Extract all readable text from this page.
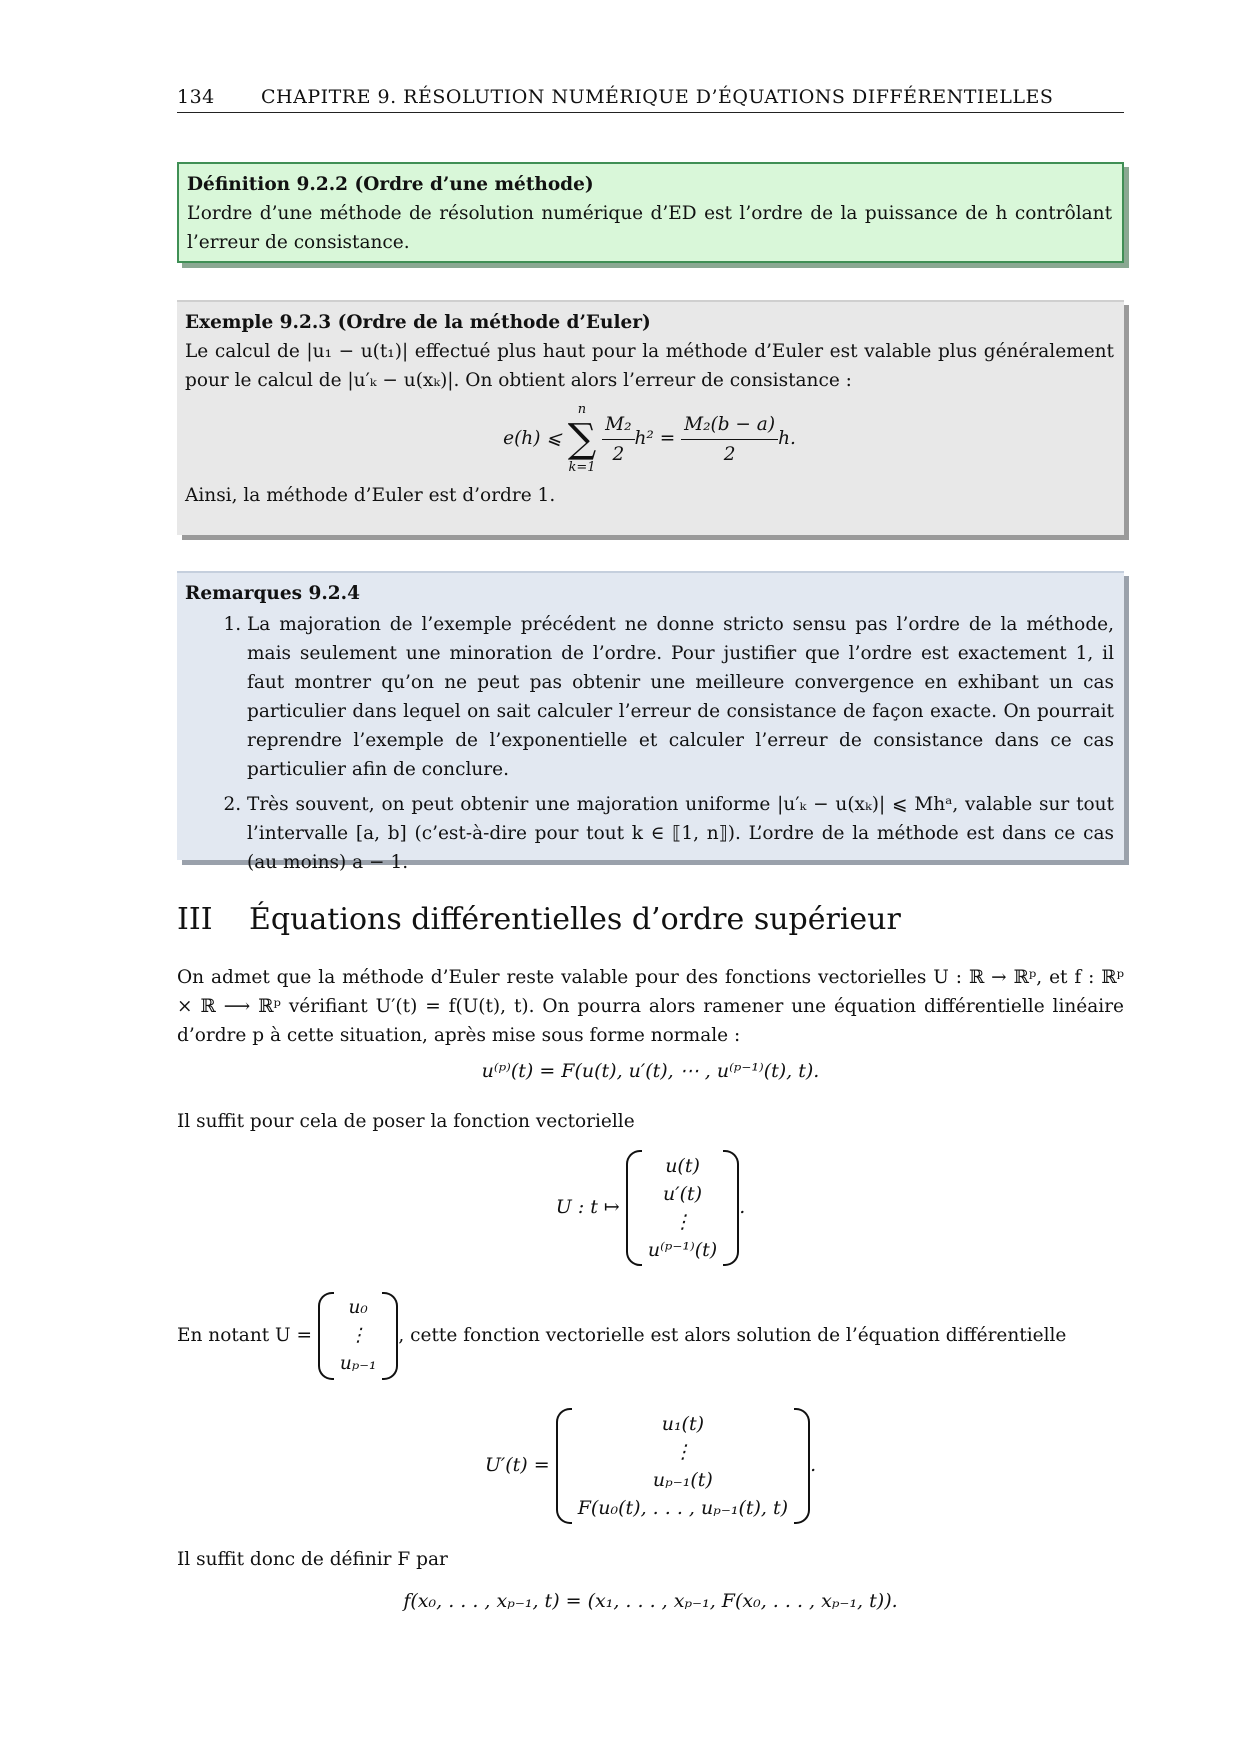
134	CHAPITRE 9. RÉSOLUTION NUMÉRIQUE D’ÉQUATIONS DIFFÉRENTIELLES
Définition 9.2.2 (Ordre d’une méthode)
L’ordre d’une méthode de résolution numérique d’ED est l’ordre de la puissance de h contrôlant l’erreur de consistance.
Exemple 9.2.3 (Ordre de la méthode d’Euler)
Le calcul de |u₁ − u(t₁)| effectué plus haut pour la méthode d’Euler est valable plus généralement pour le calcul de |u′ₖ − u(xₖ)|. On obtient alors l’erreur de consistance :
e(h) ⩽
n
∑
k=1
$\frac{\text{M₂}}{2} h^2 = \frac{\text{M₂(b − a)}}{2} h$.
Ainsi, la méthode d’Euler est d’ordre 1.
Remarques 9.2.4
1. La majoration de l’exemple précédent ne donne stricto sensu pas l’ordre de la méthode, mais seulement une minoration de l’ordre. Pour justifier que l’ordre est exactement 1, il faut montrer qu’on ne peut pas obtenir une meilleure convergence en exhibant un cas particulier dans lequel on sait calculer l’erreur de consistance de façon exacte. On pourrait reprendre l’exemple de l’exponentielle et calculer l’erreur de consistance dans ce cas particulier afin de conclure.
2. Très souvent, on peut obtenir une majoration uniforme |u′ₖ − u(xₖ)| ⩽ Mhᵃ, valable sur tout l’intervalle [a, b] (c’est-à-dire pour tout k ∈ ⟦1, n⟧). L’ordre de la méthode est dans ce cas (au moins) a − 1.
III Équations différentielles d’ordre supérieur
On admet que la méthode d’Euler reste valable pour des fonctions vectorielles U : ℝ → ℝᵖ, et f : ℝᵖ × ℝ ⟶ ℝᵖ vérifiant U′(t) = f(U(t), t). On pourra alors ramener une équation différentielle linéaire d’ordre p à cette situation, après mise sous forme normale :
u⁽ᵖ⁾(t) = F(u(t), u′(t), ⋯ , u⁽ᵖ⁻¹⁾(t), t).
Il suffit pour cela de poser la fonction vectorielle
U : t ↦
u(t)
u′(t)
⋮
u⁽ᵖ⁻¹⁾(t)
.
En notant U =
u₀
⋮
uₚ₋₁
, cette fonction vectorielle est alors solution de l’équation différentielle
U′(t) =
u₁(t)
⋮
uₚ₋₁(t)
F(u₀(t), . . . , uₚ₋₁(t), t)
.
Il suffit donc de définir F par
f(x₀, . . . , xₚ₋₁, t) = (x₁, . . . , xₚ₋₁, F(x₀, . . . , xₚ₋₁, t)).
